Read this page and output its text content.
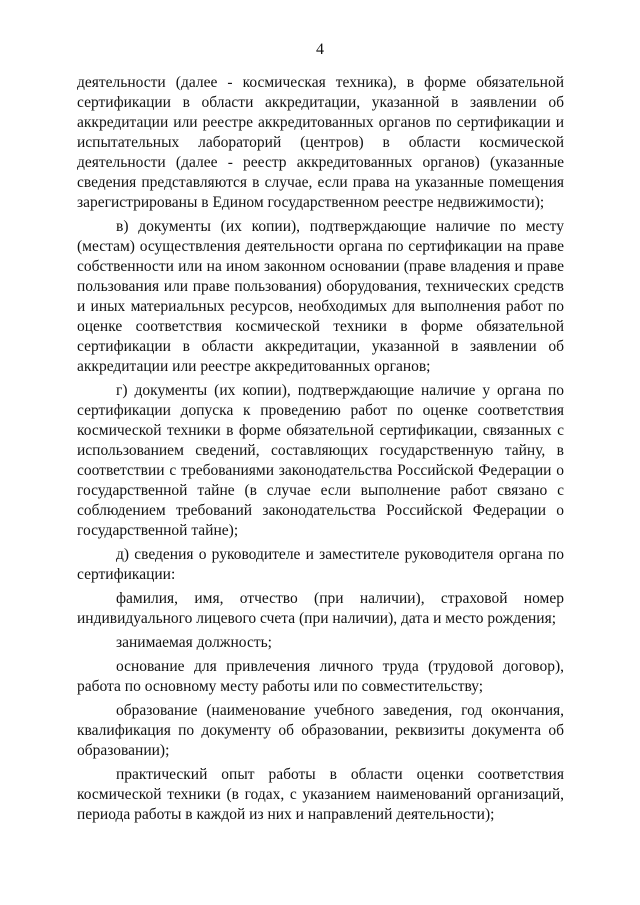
4

деятельности (далее - космическая техника), в форме обязательной сертификации в области аккредитации, указанной в заявлении об аккредитации или реестре аккредитованных органов по сертификации и испытательных лабораторий (центров) в области космической деятельности (далее - реестр аккредитованных органов) (указанные сведения представляются в случае, если права на указанные помещения зарегистрированы в Едином государственном реестре недвижимости);

в) документы (их копии), подтверждающие наличие по месту (местам) осуществления деятельности органа по сертификации на праве собственности или на ином законном основании (праве владения и праве пользования или праве пользования) оборудования, технических средств и иных материальных ресурсов, необходимых для выполнения работ по оценке соответствия космической техники в форме обязательной сертификации в области аккредитации, указанной в заявлении об аккредитации или реестре аккредитованных органов;

г) документы (их копии), подтверждающие наличие у органа по сертификации допуска к проведению работ по оценке соответствия космической техники в форме обязательной сертификации, связанных с использованием сведений, составляющих государственную тайну, в соответствии с требованиями законодательства Российской Федерации о государственной тайне (в случае если выполнение работ связано с соблюдением требований законодательства Российской Федерации о государственной тайне);

д) сведения о руководителе и заместителе руководителя органа по сертификации:

фамилия, имя, отчество (при наличии), страховой номер индивидуального лицевого счета (при наличии), дата и место рождения;

занимаемая должность;

основание для привлечения личного труда (трудовой договор), работа по основному месту работы или по совместительству;

образование (наименование учебного заведения, год окончания, квалификация по документу об образовании, реквизиты документа об образовании);

практический опыт работы в области оценки соответствия космической техники (в годах, с указанием наименований организаций, периода работы в каждой из них и направлений деятельности);
